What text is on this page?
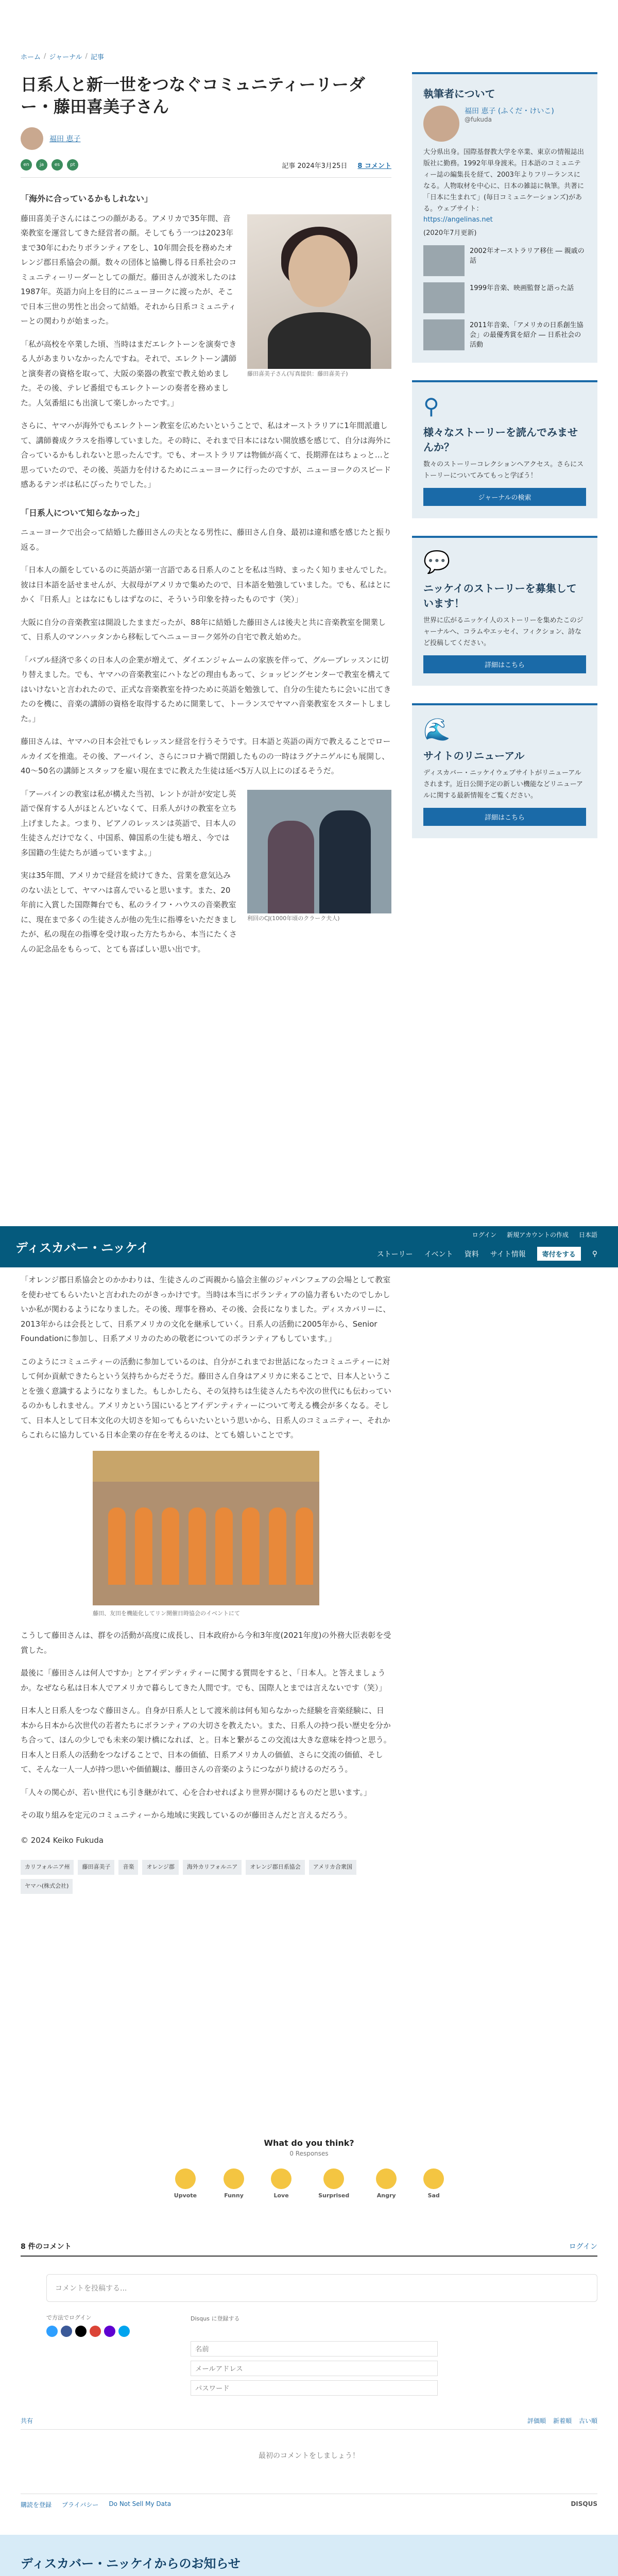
ホーム / ジャーナル / 記事
日系人と新一世をつなぐコミュニティーリーダー・藤田喜美子さん
福田 恵子
en	ja	es	pt	記事 2024年3月25日 8 コメント
「海外に合っているかもしれない」
藤田喜美子さん(写真提供：藤田喜美子)

藤田喜美子さんにはこつの顔がある。アメリカで35年間、音楽教室を運営してきた経営者の顔。そしてもう一つは2023年まで30年にわたりボランティアをし、10年間会長を務めたオレンジ郡日系協会の顔。数々の団体と協働し得る日系社会のコミュニティーリーダーとしての顔だ。藤田さんが渡米したのは1987年。英語力向上を目的にニューヨークに渡ったが、そこで日本三世の男性と出会って結婚。それから日系コミュニティーとの関わりが始まった。

「私が高校を卒業した頃、当時はまだエレクトーンを演奏できる人があまりいなかったんですね。それで、エレクトーン講師と演奏者の資格を取って、大阪の楽器の教室で教え始めました。その後、テレビ番組でもエレクトーンの奏者を務めました。人気番組にも出演して楽しかったです。」

さらに、ヤマハが海外でもエレクトーン教室を広めたいということで、私はオーストラリアに1年間派遣して、講師養成クラスを指導していました。その時に、それまで日本にはない開放感を感じて、自分は海外に合っているかもしれないと思ったんです。でも、オーストラリアは物価が高くて、長期滞在はちょっと…と思っていたので、その後、英語力を付けるためにニューヨークに行ったのですが、ニューヨークのスピード感あるテンポは私にぴったりでした。」

「日系人について知らなかった」

ニューヨークで出会って結婚した藤田さんの夫となる男性に、藤田さん自身、最初は違和感を感じたと振り返る。

「日本人の顔をしているのに英語が第一言語である日系人のことを私は当時、まったく知りませんでした。彼は日本語を話せませんが、大叔母がアメリカで集めたので、日本語を勉強していました。でも、私はとにかく『日系人』とはなにもしはずなのに、そういう印象を持ったものです（笑）」

大阪に自分の音楽教室は開設したままだったが、88年に結婚した藤田さんは後夫と共に音楽教室を開業して、日系人のマンハッタンから移転してヘニューヨーク郊外の自宅で教え始めた。

「バブル経済で多くの日本人の企業が増えて、ダイエンジャムームの家族を伴って、グルーブレッスンに切り替えました。でも、ヤマハの音楽教室にハトなどの理由もあって、ショッピングセンターで教室を構えてはいけないと言われたので、正式な音楽教室を持つために英語を勉強して、自分の生徒たちに会いに出てきたのを機に、音楽の講師の資格を取得するために開業して、トーランスでヤマハ音楽教室をスタートしました。」

藤田さんは、ヤマハの日本会社でもレッスン経営を行うそうです。日本語と英語の両方で教えることでロールカイズを推進。その後、アーバイン、さらにコロナ禍で閉鎖したものの一時はラグナニゲルにも展開し、40～50名の講師とスタッフを雇い現在までに教えた生徒は延べ5万人以上にのぼるそうだ。

利回のCJ(1000年頃のクラーク夫人)

「アーバインの教室は私が構えた当初、レントが計が安定し英語で保育する人がほとんどいなくて、日系人がけの教室を立ち上げましたよ。つまり、ビアノのレッスンは英語で、日本人の生徒さんだけでなく、中国系、韓国系の生徒も増え、今では多国籍の生徒たちが通っていますよ。」

実は35年間、アメリカで経営を続けてきた、営業を意気込みのない法として、ヤマハは喜んでいると思います。また、20年前に入賞した国際舞台でも、私のライフ・ハウスの音楽教室に、現在まで多くの生徒さんが他の先生に指導をいただきましたが、私の現在の指導を受け取った方たちから、本当にたくさんの記念品をもらって、とても喜ばしい思い出です。

執筆者について
福田 恵子 (ふくだ・けいこ)
@fukuda

大分県出身。国際基督教大学を卒業、東京の情報誌出版社に勤務。1992年単身渡米。日本語のコミュニティー誌の編集長を経て、2003年よりフリーランスになる。人物取材を中心に、日本の雑誌に執筆。共著に「日本に生まれて」(毎日コミュニケーションズ)がある。ウェブサイト：

https://angelinas.net

(2020年7月更新)

2002年オーストラリア移住 ― 親戚の話
1999年音楽、映画監督と語った話
2011年音楽、「アメリカの日系創生協会」の最優秀賞を紹介 ― 日系社会の活動
⚲
様々なストーリーを読んでみませんか？

数々のストーリーコレクションへアクセス。さらにストーリーについてみてもっと学ぼう！

ジャーナルの検索
💬
ニッケイのストーリーを募集しています！

世界に広がるニッケイ人のストーリーを集めたこのジャーナルへ、コラムやエッセイ、フィクション、詩など投稿してください。

詳細はこちら
🌊
サイトのリニューアル

ディスカバー・ニッケイウェブサイトがリニューアルされます。近日公開予定の新しい機能などリニューアルに関する最新情報をご覧ください。

詳細はこちら
ディスカバー・ニッケイ
ログイン 新規アカウントの作成 日本語
ストーリー イベント 資料 サイト情報	寄付をする	⚲

「オレンジ郡日系協会とのかかわりは、生徒さんのご両親から協会主催のジャパンフェアの会場として教室を使わせてもらいたいと言われたのがきっかけです。当時は本当にボランティアの協力者もいたのでしかしいか私が関わるようになりました。その後、理事を務め、その後、会長になりました。ディスカバリーに、2013年からは会長として、日系アメリカの文化を継承していく。日系人の活動に2005年から、Senior Foundationに参加し、日系アメリカのための敬老についてのボランティアもしています。」

このようにコミュニティーの活動に参加しているのは、自分がこれまでお世話になったコミュニティーに対して何か貢献できたらという気持ちからだそうだ。藤田さん自身はアメリカに来ることで、日本人ということを強く意識するようになりました。もしかしたら、その気持ちは生徒さんたちや次の世代にも伝わっているのかもしれません。アメリカという国にいるとアイデンティティーについて考える機会が多くなる。そして、日本人として日本文化の大切さを知ってもらいたいという思いから、日系人のコミュニティー、それからこれらに協力している日本企業の存在を考えるのは、とても嬉しいことです。

藤田、友田を機能化してリン開催日時協会のイベントにて

こうして藤田さんは、群をの活動が高度に成長し、日本政府から今和3年度(2021年度)の外務大臣表彰を受賞した。

最後に「藤田さんは何人ですか」とアイデンティティーに関する質問をすると、「日本人。と答えましょうか。なぜなら私は日本人でアメリカで暮らしてきた人間です。でも、国際人とまでは言えないです（笑）」

日本人と日系人をつなぐ藤田さん。自身が日系人として渡米前は何も知らなかった経験を音楽経験に、日本から日本から次世代の若者たちにボランティアの大切さを教えたい。また、日系人の持つ長い歴史を分かち合って、ほんの少しでも未来の架け橋になれば、と。日本と繋がるこの交流は大きな意味を持つと思う。日本人と日系人の活動をつなげることで、日本の価値、日系アメリカ人の価値、さらに交流の価値、そして、そんな一人一人が持つ思いや価値観は、藤田さんの音楽のようにつながり続けるのだろう。

「人々の関心が、若い世代にも引き継がれて、心を合わせればより世界が開けるものだと思います。」

その取り組みを定元のコミュニティーから地域に実践しているのが藤田さんだと言えるだろう。

© 2024 Keiko Fukuda

カリフォルニア州	藤田喜美子	音楽	オレンジ郡	海外カリフォルニア	オレンジ郡日系協会	アメリカ合衆国
ヤマハ(株式会社)
What do you think?
0 Responses
Upvote	Funny	Love	Surprised	Angry	Sad
8 件のコメント	ログイン
コメントを投稿する...
で方法でログイン	Disqus に登録する
名前
メールアドレス
パスワード
共有	評価順 新着順 古い順
最初のコメントをしましょう！
購読を登録 プライバシー Do Not Sell My Data	DISQUS
ディスカバー・ニッケイからのお知らせ
